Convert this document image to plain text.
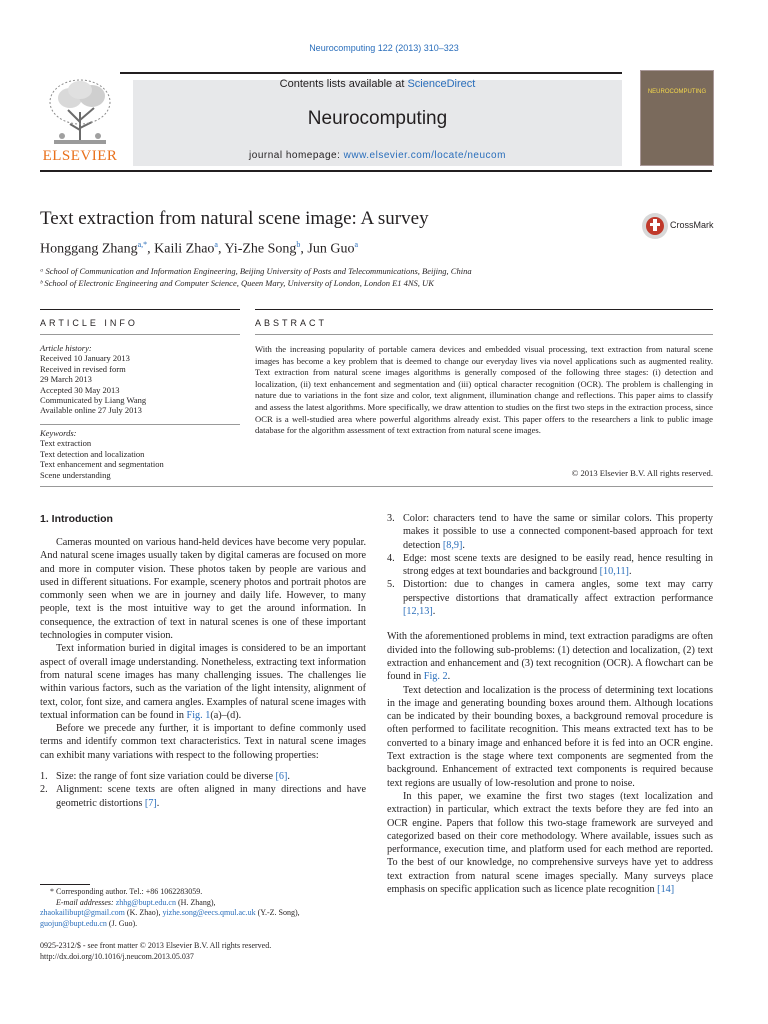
Neurocomputing 122 (2013) 310–323
ELSEVIER
Contents lists available at ScienceDirect
Neurocomputing
journal homepage: www.elsevier.com/locate/neucom
NEUROCOMPUTING
Text extraction from natural scene image: A survey	CrossMark
Honggang Zhang$^{a,*}$, Kaili Zhao$^a$, Yi-Zhe Song$^b$, Jun Guo$^a$
ᵃ School of Communication and Information Engineering, Beijing University of Posts and Telecommunications, Beijing, China
ᵇ School of Electronic Engineering and Computer Science, Queen Mary, University of London, London E1 4NS, UK
ARTICLE INFO	ABSTRACT
Article history:
Received 10 January 2013
Received in revised form
29 March 2013
Accepted 30 May 2013
Communicated by Liang Wang
Available online 27 July 2013
Keywords:
Text extraction
Text detection and localization
Text enhancement and segmentation
Scene understanding
With the increasing popularity of portable camera devices and embedded visual processing, text extraction from natural scene images has become a key problem that is deemed to change our everyday lives via novel applications such as augmented reality. Text extraction from natural scene images algorithms is generally composed of the following three stages: (i) detection and localization, (ii) text enhancement and segmentation and (iii) optical character recognition (OCR). The problem is challenging in nature due to variations in the font size and color, text alignment, illumination change and reflections. This paper aims to classify and assess the latest algorithms. More specifically, we draw attention to studies on the first two steps in the extraction process, since OCR is a well-studied area where powerful algorithms already exist. This paper offers to the researchers a link to public image database for the algorithm assessment of text extraction from natural scene images.
© 2013 Elsevier B.V. All rights reserved.
1. Introduction

Cameras mounted on various hand-held devices have become very popular. And natural scene images usually taken by digital cameras are focused on more and more in computer vision. These photos taken by people are various and used in different situations. For example, scenery photos and portrait photos are commonly seen when we are in journey and daily life. However, to many people, text is the most intuitive way to get the around information. In consequence, the extraction of text in natural scenes is one of these important technologies in computer vision.

Text information buried in digital images is considered to be an important aspect of overall image understanding. Nonetheless, extracting text information from natural scene images has many challenging issues. The challenges lie within various factors, such as the variation of the light intensity, alignment of text, color, font size, and camera angles. Examples of natural scene images with textual information can be found in Fig. 1(a)–(d).

Before we precede any further, it is important to define commonly used terms and identify common text characteristics. Text in natural scene images can exhibit many variations with respect to the following properties:

1. Size: the range of font size variation could be diverse [6].
2. Alignment: scene texts are often aligned in many directions and have geometric distortions [7].
* Corresponding author. Tel.: +86 1062283059.
E-mail addresses: zhhg@bupt.edu.cn (H. Zhang),
zhaokailibupt@gmail.com (K. Zhao), yizhe.song@eecs.qmul.ac.uk (Y.-Z. Song),
guojun@bupt.edu.cn (J. Guo).
0925-2312/$ - see front matter © 2013 Elsevier B.V. All rights reserved.
http://dx.doi.org/10.1016/j.neucom.2013.05.037
3. Color: characters tend to have the same or similar colors. This property makes it possible to use a connected component-based approach for text detection [8,9].
4. Edge: most scene texts are designed to be easily read, hence resulting in strong edges at text boundaries and background [10,11].
5. Distortion: due to changes in camera angles, some text may carry perspective distortions that dramatically affect extraction performance [12,13].

With the aforementioned problems in mind, text extraction paradigms are often divided into the following sub-problems: (1) detection and localization, (2) text extraction and enhancement and (3) text recognition (OCR). A flowchart can be found in Fig. 2.

Text detection and localization is the process of determining text locations in the image and generating bounding boxes around them. Although locations can be indicated by their bounding boxes, a background removal procedure is often performed to facilitate recognition. This means extracted text has to be converted to a binary image and enhanced before it is fed into an OCR engine. Text extraction is the stage where text components are segmented from the background. Enhancement of extracted text components is required because text regions are usually of low-resolution and prone to noise.

In this paper, we examine the first two stages (text localization and extraction) in particular, which extract the texts before they are fed into an OCR engine. Papers that follow this two-stage framework are surveyed and categorized based on their core methodology. Where available, issues such as performance, execution time, and platform used for each method are reported. To the best of our knowledge, no comprehensive surveys have yet to address text extraction from natural scene images specially. Many surveys place emphasis on specific application such as licence plate recognition [14]
